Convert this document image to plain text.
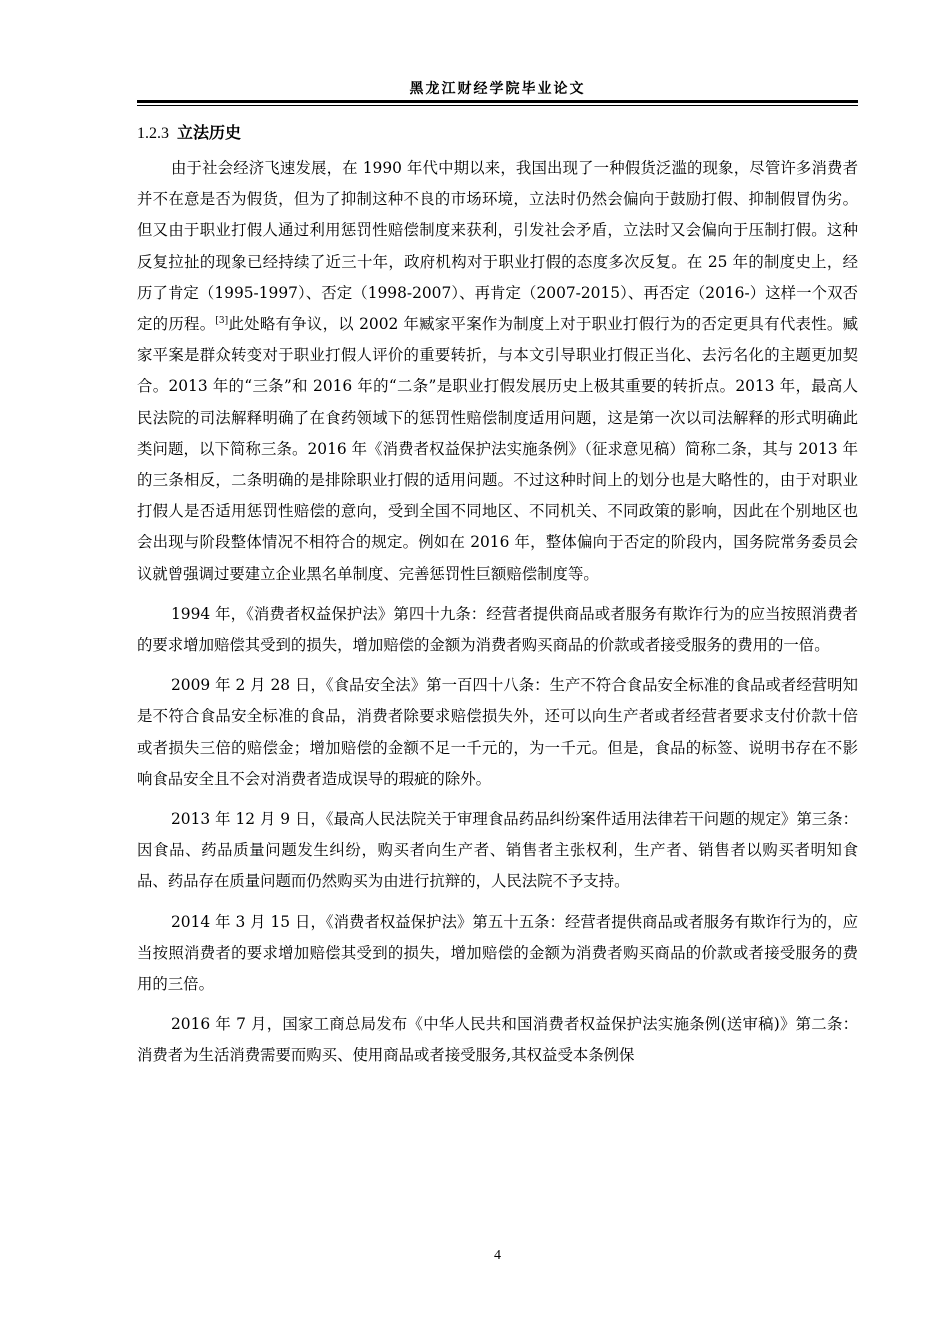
黑龙江财经学院毕业论文
1.2.3 立法历史

由于社会经济飞速发展，在 1990 年代中期以来，我国出现了一种假货泛滥的现象，尽管许多消费者并不在意是否为假货，但为了抑制这种不良的市场环境，立法时仍然会偏向于鼓励打假、抑制假冒伪劣。但又由于职业打假人通过利用惩罚性赔偿制度来获利，引发社会矛盾，立法时又会偏向于压制打假。这种反复拉扯的现象已经持续了近三十年，政府机构对于职业打假的态度多次反复。在 25 年的制度史上，经历了肯定（1995-1997）、否定（1998-2007）、再肯定（2007-2015）、再否定（2016-）这样一个双否定的历程。[3]此处略有争议，以 2002 年臧家平案作为制度上对于职业打假行为的否定更具有代表性。臧家平案是群众转变对于职业打假人评价的重要转折，与本文引导职业打假正当化、去污名化的主题更加契合。2013 年的“三条”和 2016 年的“二条”是职业打假发展历史上极其重要的转折点。2013 年，最高人民法院的司法解释明确了在食药领域下的惩罚性赔偿制度适用问题，这是第一次以司法解释的形式明确此类问题，以下简称三条。2016 年《消费者权益保护法实施条例》（征求意见稿）简称二条，其与 2013 年的三条相反，二条明确的是排除职业打假的适用问题。不过这种时间上的划分也是大略性的，由于对职业打假人是否适用惩罚性赔偿的意向，受到全国不同地区、不同机关、不同政策的影响，因此在个别地区也会出现与阶段整体情况不相符合的规定。例如在 2016 年，整体偏向于否定的阶段内，国务院常务委员会议就曾强调过要建立企业黑名单制度、完善惩罚性巨额赔偿制度等。

1994 年，《消费者权益保护法》第四十九条：经营者提供商品或者服务有欺诈行为的应当按照消费者的要求增加赔偿其受到的损失，增加赔偿的金额为消费者购买商品的价款或者接受服务的费用的一倍。

2009 年 2 月 28 日，《食品安全法》第一百四十八条：生产不符合食品安全标准的食品或者经营明知是不符合食品安全标准的食品，消费者除要求赔偿损失外，还可以向生产者或者经营者要求支付价款十倍或者损失三倍的赔偿金；增加赔偿的金额不足一千元的，为一千元。但是，食品的标签、说明书存在不影响食品安全且不会对消费者造成误导的瑕疵的除外。

2013 年 12 月 9 日，《最高人民法院关于审理食品药品纠纷案件适用法律若干问题的规定》第三条：因食品、药品质量问题发生纠纷，购买者向生产者、销售者主张权利，生产者、销售者以购买者明知食品、药品存在质量问题而仍然购买为由进行抗辩的，人民法院不予支持。

2014 年 3 月 15 日，《消费者权益保护法》第五十五条：经营者提供商品或者服务有欺诈行为的，应当按照消费者的要求增加赔偿其受到的损失，增加赔偿的金额为消费者购买商品的价款或者接受服务的费用的三倍。

2016 年 7 月，国家工商总局发布《中华人民共和国消费者权益保护法实施条例(送审稿)》第二条：消费者为生活消费需要而购买、使用商品或者接受服务,其权益受本条例保

4
